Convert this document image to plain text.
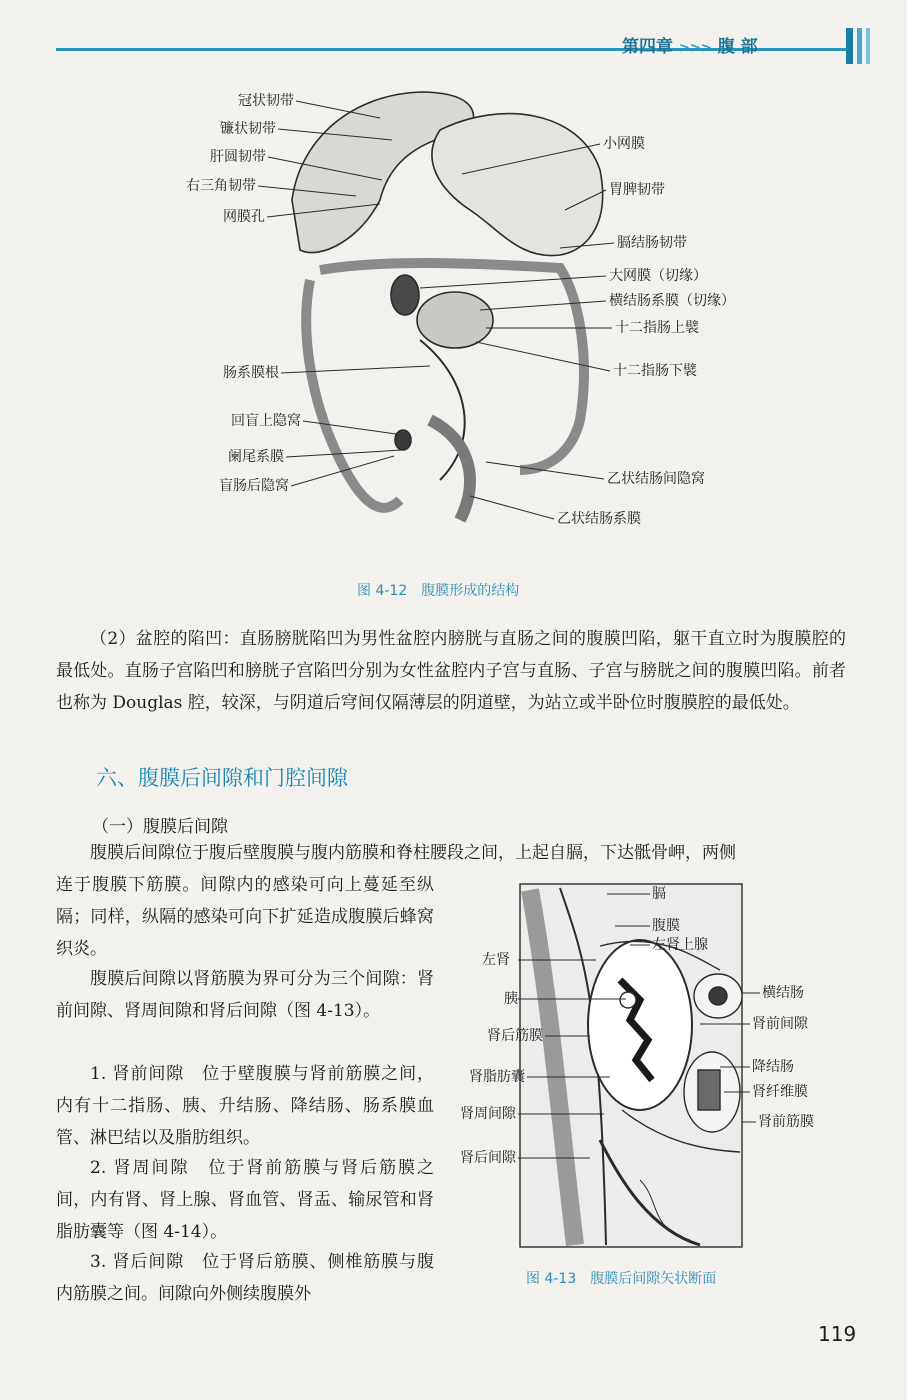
第四章 >>> 腹 部
冠状韧带
镰状韧带
肝圆韧带
右三角韧带
网膜孔
肠系膜根
回盲上隐窝
阑尾系膜
盲肠后隐窝
小网膜
胃脾韧带
膈结肠韧带
大网膜（切缘）
横结肠系膜（切缘）
十二指肠上襞
十二指肠下襞
乙状结肠间隐窝
乙状结肠系膜
图 4-12　腹膜形成的结构

（2）盆腔的陷凹：直肠膀胱陷凹为男性盆腔内膀胱与直肠之间的腹膜凹陷，躯干直立时为腹膜腔的最低处。直肠子宫陷凹和膀胱子宫陷凹分别为女性盆腔内子宫与直肠、子宫与膀胱之间的腹膜凹陷。前者也称为 Douglas 腔，较深，与阴道后穹间仅隔薄层的阴道壁，为站立或半卧位时腹膜腔的最低处。

六、腹膜后间隙和门腔间隙
（一）腹膜后间隙

腹膜后间隙位于腹后壁腹膜与腹内筋膜和脊柱腰段之间，上起自膈，下达骶骨岬，两侧

连于腹膜下筋膜。间隙内的感染可向上蔓延至纵隔；同样，纵隔的感染可向下扩延造成腹膜后蜂窝织炎。

腹膜后间隙以肾筋膜为界可分为三个间隙：肾前间隙、肾周间隙和肾后间隙（图 4-13）。

1. 肾前间隙　位于壁腹膜与肾前筋膜之间，内有十二指肠、胰、升结肠、降结肠、肠系膜血管、淋巴结以及脂肪组织。

2. 肾周间隙　位于肾前筋膜与肾后筋膜之间，内有肾、肾上腺、肾血管、肾盂、输尿管和肾脂肪囊等（图 4-14）。

3. 肾后间隙　位于肾后筋膜、侧椎筋膜与腹内筋膜之间。间隙向外侧续腹膜外

左肾
胰
肾后筋膜
肾脂肪囊
肾周间隙
肾后间隙
膈
腹膜
左肾上腺
横结肠
肾前间隙
降结肠
肾纤维膜
肾前筋膜
图 4-13　腹膜后间隙矢状断面
119
